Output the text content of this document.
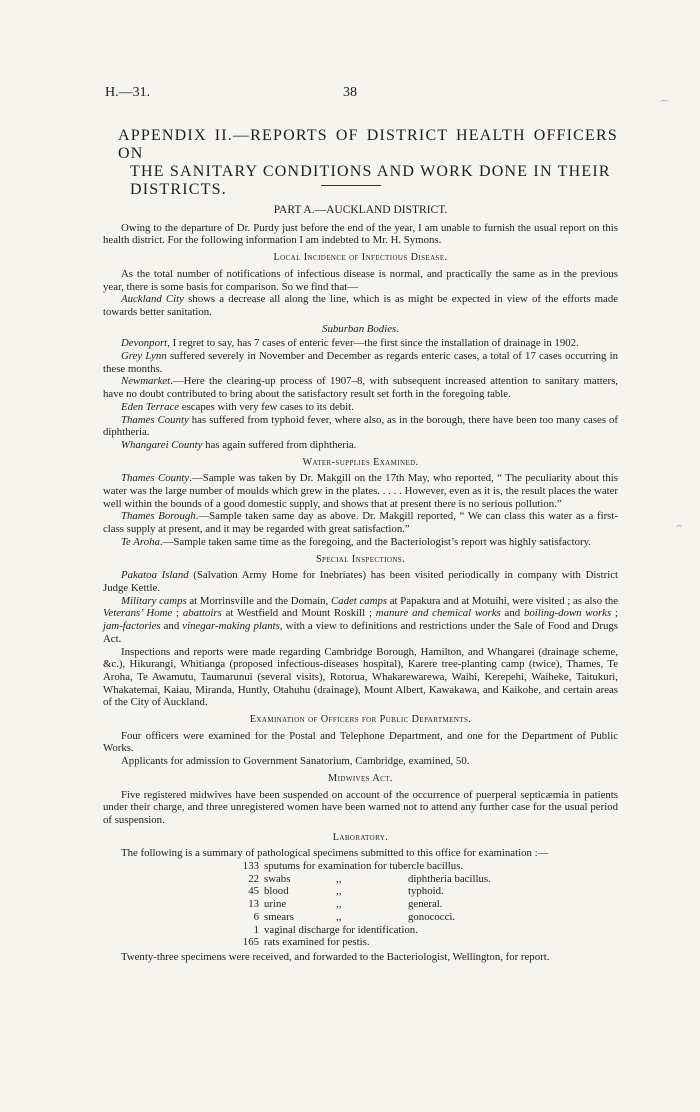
H.—31.	38
APPENDIX II.—REPORTS OF DISTRICT HEALTH OFFICERS ON
THE SANITARY CONDITIONS AND WORK DONE IN THEIR DISTRICTS.
PART A.—AUCKLAND DISTRICT.

Owing to the departure of Dr. Purdy just before the end of the year, I am unable to furnish the usual report on this health district. For the following information I am indebted to Mr. H. Symons.

Local Incidence of Infectious Disease.

As the total number of notifications of infectious disease is normal, and practically the same as in the previous year, there is some basis for comparison. So we find that—

Auckland City shows a decrease all along the line, which is as might be expected in view of the efforts made towards better sanitation.

Suburban Bodies.

Devonport, I regret to say, has 7 cases of enteric fever—the first since the installation of drainage in 1902.

Grey Lynn suffered severely in November and December as regards enteric cases, a total of 17 cases occurring in these months.

Newmarket.—Here the clearing-up process of 1907–8, with subsequent increased attention to sanitary matters, have no doubt contributed to bring about the satisfactory result set forth in the foregoing table.

Eden Terrace escapes with very few cases to its debit.

Thames County has suffered from typhoid fever, where also, as in the borough, there have been too many cases of diphtheria.

Whangarei County has again suffered from diphtheria.

Water-supplies Examined.

Thames County.—Sample was taken by Dr. Makgill on the 17th May, who reported, “ The peculiarity about this water was the large number of moulds which grew in the plates. . . . . However, even as it is, the result places the water well within the bounds of a good domestic supply, and shows that at present there is no serious pollution.”

Thames Borough.—Sample taken same day as above. Dr. Makgill reported, “ We can class this water as a first-class supply at present, and it may be regarded with great satisfaction.”

Te Aroha.—Sample taken same time as the foregoing, and the Bacteriologist’s report was highly satisfactory.

Special Inspections.

Pakatoa Island (Salvation Army Home for Inebriates) has been visited periodically in company with District Judge Kettle.

Military camps at Morrinsville and the Domain, Cadet camps at Papakura and at Motuihi, were visited ; as also the Veterans’ Home ; abattoirs at Westfield and Mount Roskill ; manure and chemical works and boiling-down works ; jam-factories and vinegar-making plants, with a view to definitions and restrictions under the Sale of Food and Drugs Act.

Inspections and reports were made regarding Cambridge Borough, Hamilton, and Whangarei (drainage scheme, &c.), Hikurangi, Whitianga (proposed infectious-diseases hospital), Karere tree-planting camp (twice), Thames, Te Aroha, Te Awamutu, Taumarunui (several visits), Rotorua, Whakarewarewa, Waihi, Kerepehi, Waiheke, Taitukuri, Whakatemai, Kaiau, Miranda, Huntly, Otahuhu (drainage), Mount Albert, Kawakawa, and Kaikohe, and certain areas of the City of Auckland.

Examination of Officers for Public Departments.

Four officers were examined for the Postal and Telephone Department, and one for the Department of Public Works.

Applicants for admission to Government Sanatorium, Cambridge, examined, 50.

Midwives Act.

Five registered midwives have been suspended on account of the occurrence of puerperal septicæmia in patients under their charge, and three unregistered women have been warned not to attend any further case for the usual period of suspension.

Laboratory.

The following is a summary of pathological specimens submitted to this office for examination :—

133 sputums for examination for tubercle bacillus.
22 swabs	,,	diphtheria bacillus.
45 blood	,,	typhoid.
13 urine	,,	general.
6 smears	,,	gonococci.
1 vaginal discharge for identification.
165 rats examined for pestis.

Twenty-three specimens were received, and forwarded to the Bacteriologist, Wellington, for report.

⌒
⌢
